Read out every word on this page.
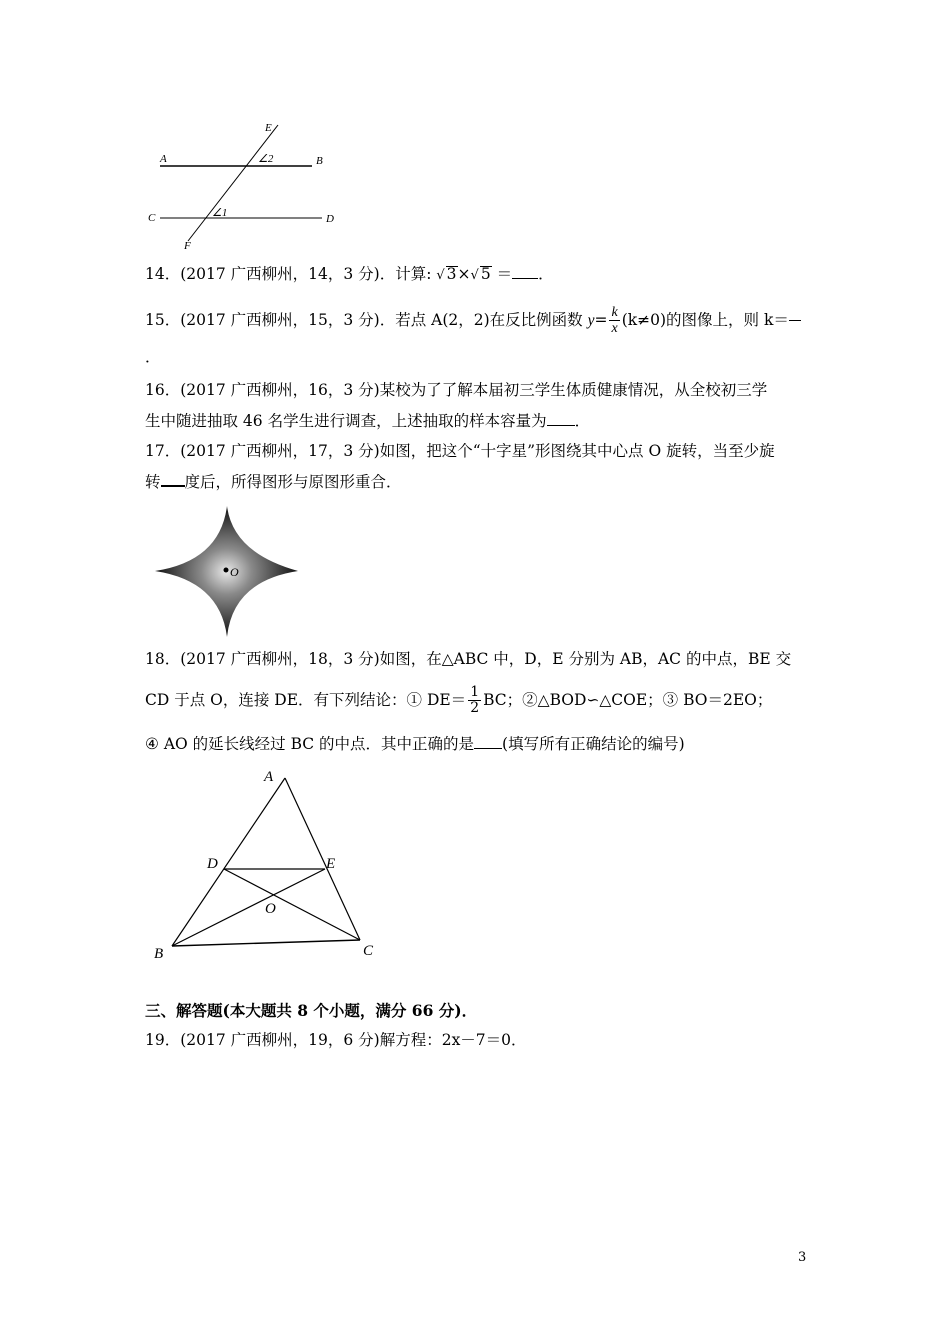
E
A	B
∠2
C	D
∠1
F
14．(2017 广西柳州，14，3 分)．计算: √ 3×√ 5 ＝ ．
15．(2017 广西柳州，15，3 分)．若点 A(2，2)在反比例函数 $y= \frac{k}{x} (k\ne 0)$的图像上，则 k＝
．
16．(2017 广西柳州，16，3 分)某校为了了解本届初三学生体质健康情况，从全校初三学
生中随进抽取 46 名学生进行调查，上述抽取的样本容量为 ．
17．(2017 广西柳州，17，3 分)如图，把这个“十字星”形图绕其中心点 O 旋转，当至少旋
转 度后，所得图形与原图形重合．
O
18．(2017 广西柳州，18，3 分)如图，在△ABC 中，D，E 分别为 AB，AC 的中点，BE 交
CD 于点 O，连接 DE．有下列结论：① $DE= \frac{1}{2}$ BC；②△BOD∽△COE；③ BO＝2EO；
④ AO 的延长线经过 BC 的中点．其中正确的是 (填写所有正确结论的编号)
A
D	E
O
B	C
三、解答题(本大题共 8 个小题，满分 66 分)．
19．(2017 广西柳州，19，6 分)解方程：2x－7＝0．
3
